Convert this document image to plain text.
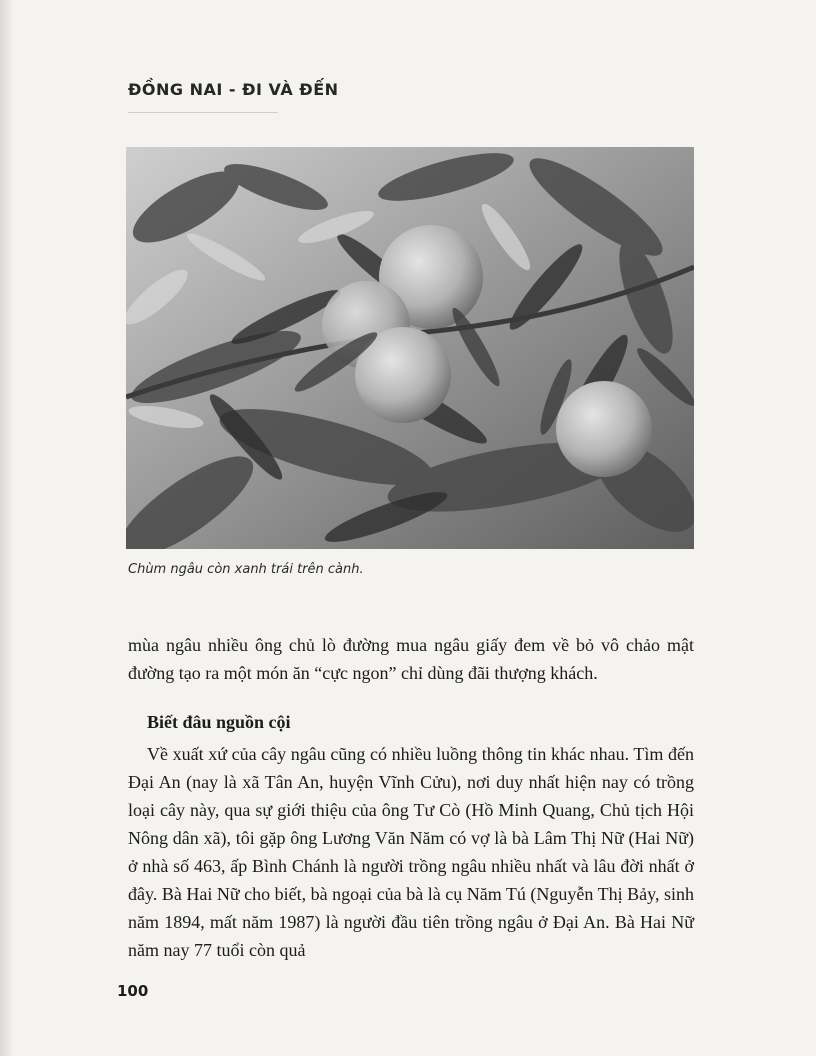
ĐỒNG NAI - ĐI VÀ ĐẾN
Chùm ngâu còn xanh trái trên cành.
mùa ngâu nhiều ông chủ lò đường mua ngâu giấy đem về bỏ vô chảo mật đường tạo ra một món ăn “cực ngon” chỉ dùng đãi thượng khách.
Biết đâu nguồn cội
Về xuất xứ của cây ngâu cũng có nhiều luồng thông tin khác nhau. Tìm đến Đại An (nay là xã Tân An, huyện Vĩnh Cửu), nơi duy nhất hiện nay có trồng loại cây này, qua sự giới thiệu của ông Tư Cò (Hồ Minh Quang, Chủ tịch Hội Nông dân xã), tôi gặp ông Lương Văn Năm có vợ là bà Lâm Thị Nữ (Hai Nữ) ở nhà số 463, ấp Bình Chánh là người trồng ngâu nhiều nhất và lâu đời nhất ở đây. Bà Hai Nữ cho biết, bà ngoại của bà là cụ Năm Tú (Nguyễn Thị Bảy, sinh năm 1894, mất năm 1987) là người đầu tiên trồng ngâu ở Đại An. Bà Hai Nữ năm nay 77 tuổi còn quả
100
